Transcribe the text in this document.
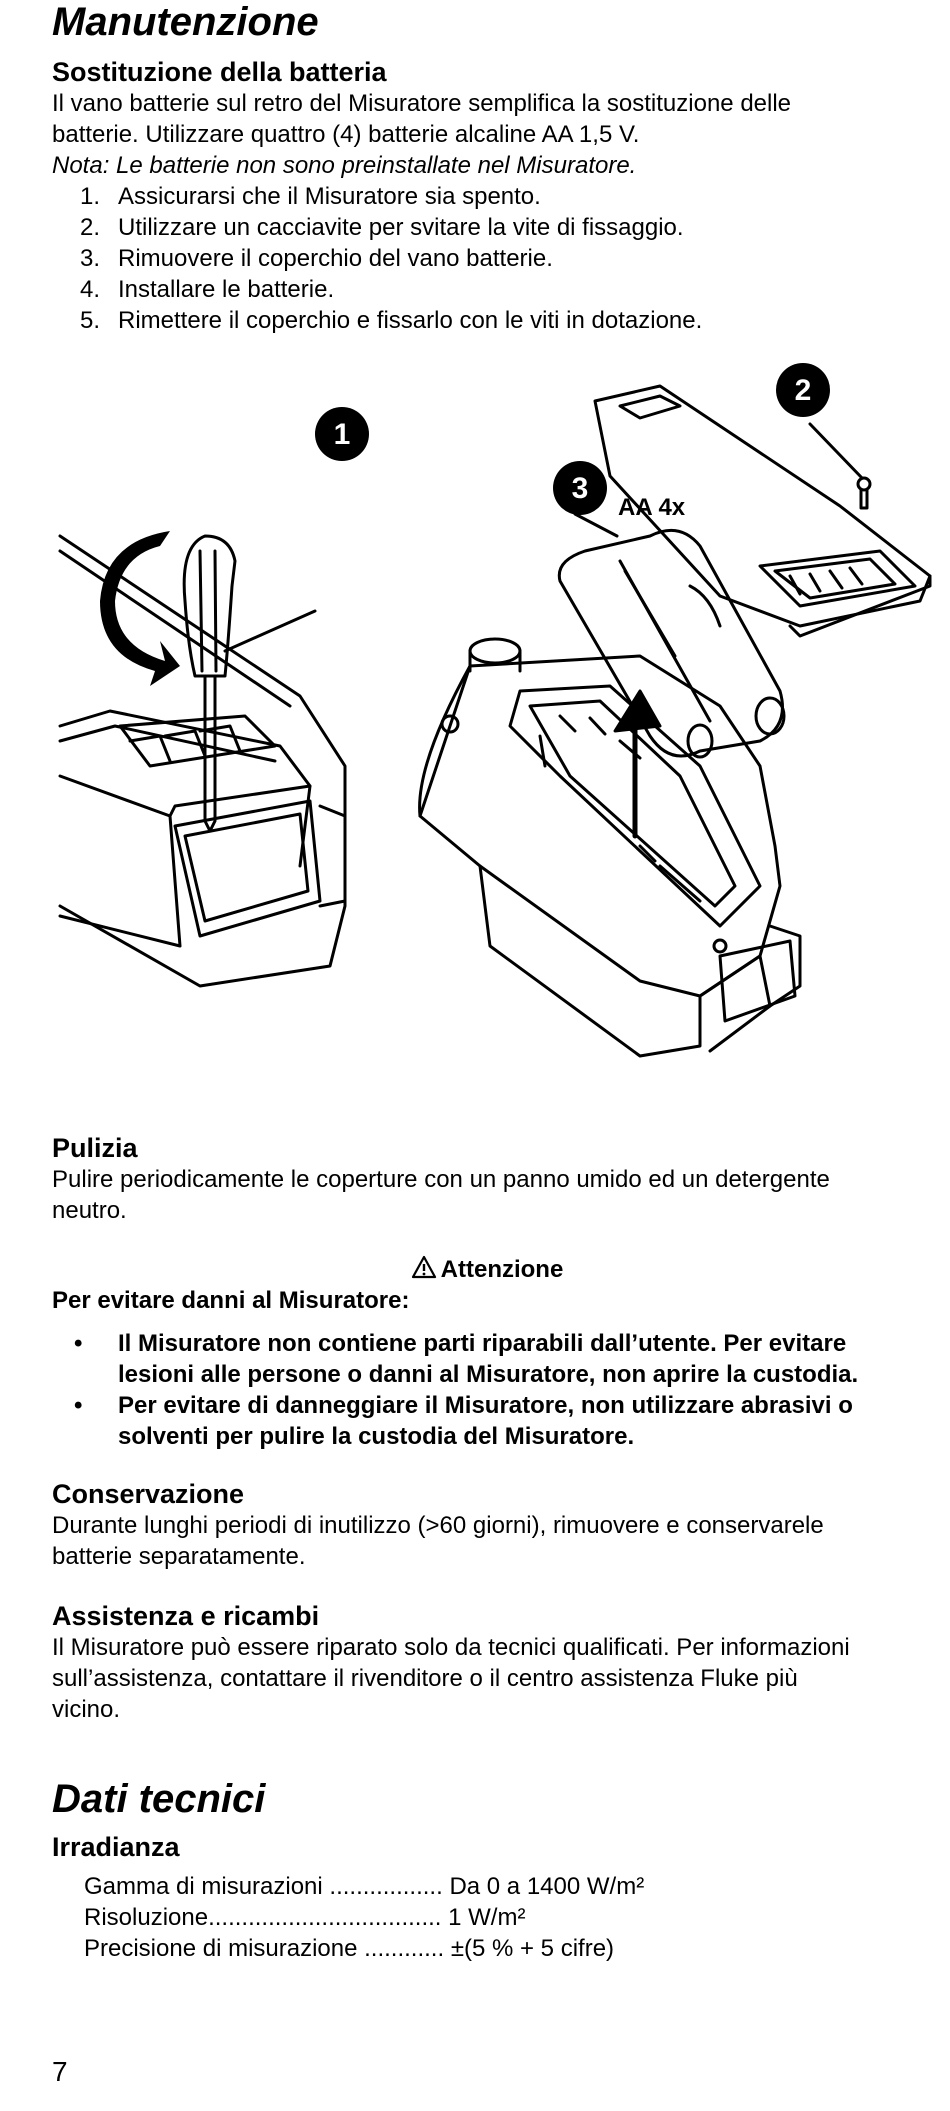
Manutenzione
Sostituzione della batteria

Il vano batterie sul retro del Misuratore semplifica la sostituzione delle

batterie. Utilizzare quattro (4) batterie alcaline AA 1,5 V.

Nota: Le batterie non sono preinstallate nel Misuratore.

1. Assicurarsi che il Misuratore sia spento.
2. Utilizzare un cacciavite per svitare la vite di fissaggio.
3. Rimuovere il coperchio del vano batterie.
4. Installare le batterie.
5. Rimettere il coperchio e fissarlo con le viti in dotazione.
1
2
3
AA 4x
Pulizia

Pulire periodicamente le coperture con un panno umido ed un detergente

neutro.

Attenzione

Per evitare danni al Misuratore:

•	Il Misuratore non contiene parti riparabili dall’utente. Per evitare
lesioni alle persone o danni al Misuratore, non aprire la custodia.
•	Per evitare di danneggiare il Misuratore, non utilizzare abrasivi o
solventi per pulire la custodia del Misuratore.
Conservazione

Durante lunghi periodi di inutilizzo (>60 giorni), rimuovere e conservarele

batterie separatamente.

Assistenza e ricambi

Il Misuratore può essere riparato solo da tecnici qualificati. Per informazioni

sull’assistenza, contattare il rivenditore o il centro assistenza Fluke più

vicino.

Dati tecnici
Irradianza
Gamma di misurazioni .................
Da 0 a 1400 W/m²
Risoluzione...................................
1 W/m²
Precisione di misurazione ............
±(5 % + 5 cifre)
7
